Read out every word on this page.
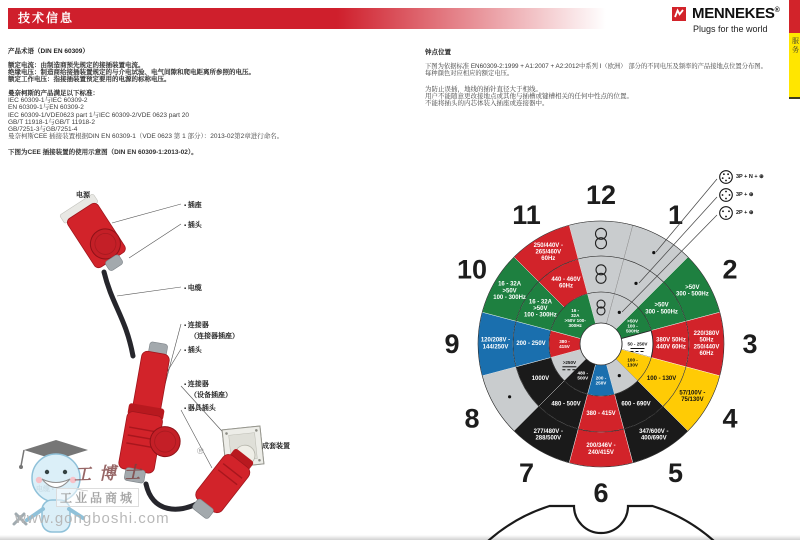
技术信息	MENNEKES®
Plugs for the world
服务
产品术语（DIN EN 60309）
额定电流：由制造商预先规定的接插装置电流。
绝缘电压：制造商给接插装置规定的与介电试验、电气间隙和爬电距离所参照的电压。
额定工作电压：指接插装置预定要用的电源的标称电压。
曼奈柯斯的产品满足以下标准：
IEC 60309-1与IEC 60309-2
EN 60309-1与EN 60309-2
IEC 60309-1/VDE0623 part 1与IEC 60309-2/VDE 0623 part 20
GB/T 11918-1与GB/T 11918-2
GB/7251-3与GB/7251-4
曼奈柯斯CEE 插接装置根据DIN EN 60309-1（VDE 0623 第 1 部分）：2013-02第2章进行命名。
下图为CEE 插接装置的使用示意图（DIN EN 60309-1:2013-02）。
钟点位置
下图为依据标准 EN60309-2:1999 + A1:2007 + A2:2012中系列 I（欧洲） 部分的不同电压及频率的产品接地点位置分布图。
每种颜色对应相应的额定电压。
为防止误插，地线的插针直径大于相线。
用户不能随意更改接地点或其他与插槽或键槽相关的任何中性点的位置。
不能将插头的内芯体装入插座或连接器中。
电源
▪ 插座
▪ 插头
▪ 电缆
▪ 连接器
（连接器插座）
▪ 插头
▪ 连接器
（设备插座）
▪ 器具插头
成套装置
▪
1
2
3
4
5
6
7
8
9
10
11
12
>50V
300 - 500Hz
220/380V
50Hz
250/440V
60Hz
57/100V -
75/130V
347/600V -
400/690V
200/346V -
240/415V
277/480V -
288/500V
120/208V -
144/250V
16 - 32A
>50V
100 - 300Hz
250/440V -
265/460V
60Hz
>50V
300 - 500Hz
380V 50Hz
440V 60Hz
100 - 130V
600 - 690V
380 - 415V
480 - 500V
1000V
200 - 250V
16 - 32A
>50V
100 - 300Hz
440 - 460V
60Hz
>50V
100 -
500Hz
50 - 250V
100 -
130V
200 -
250V
480 -
500V
>250V
380 -
415V
16 -
32A
>50V 100-
300Hz
3P + N + ⊕
3P + ⊕
2P + ⊕
工博士
®
工业品商城
www.gongboshi.com
